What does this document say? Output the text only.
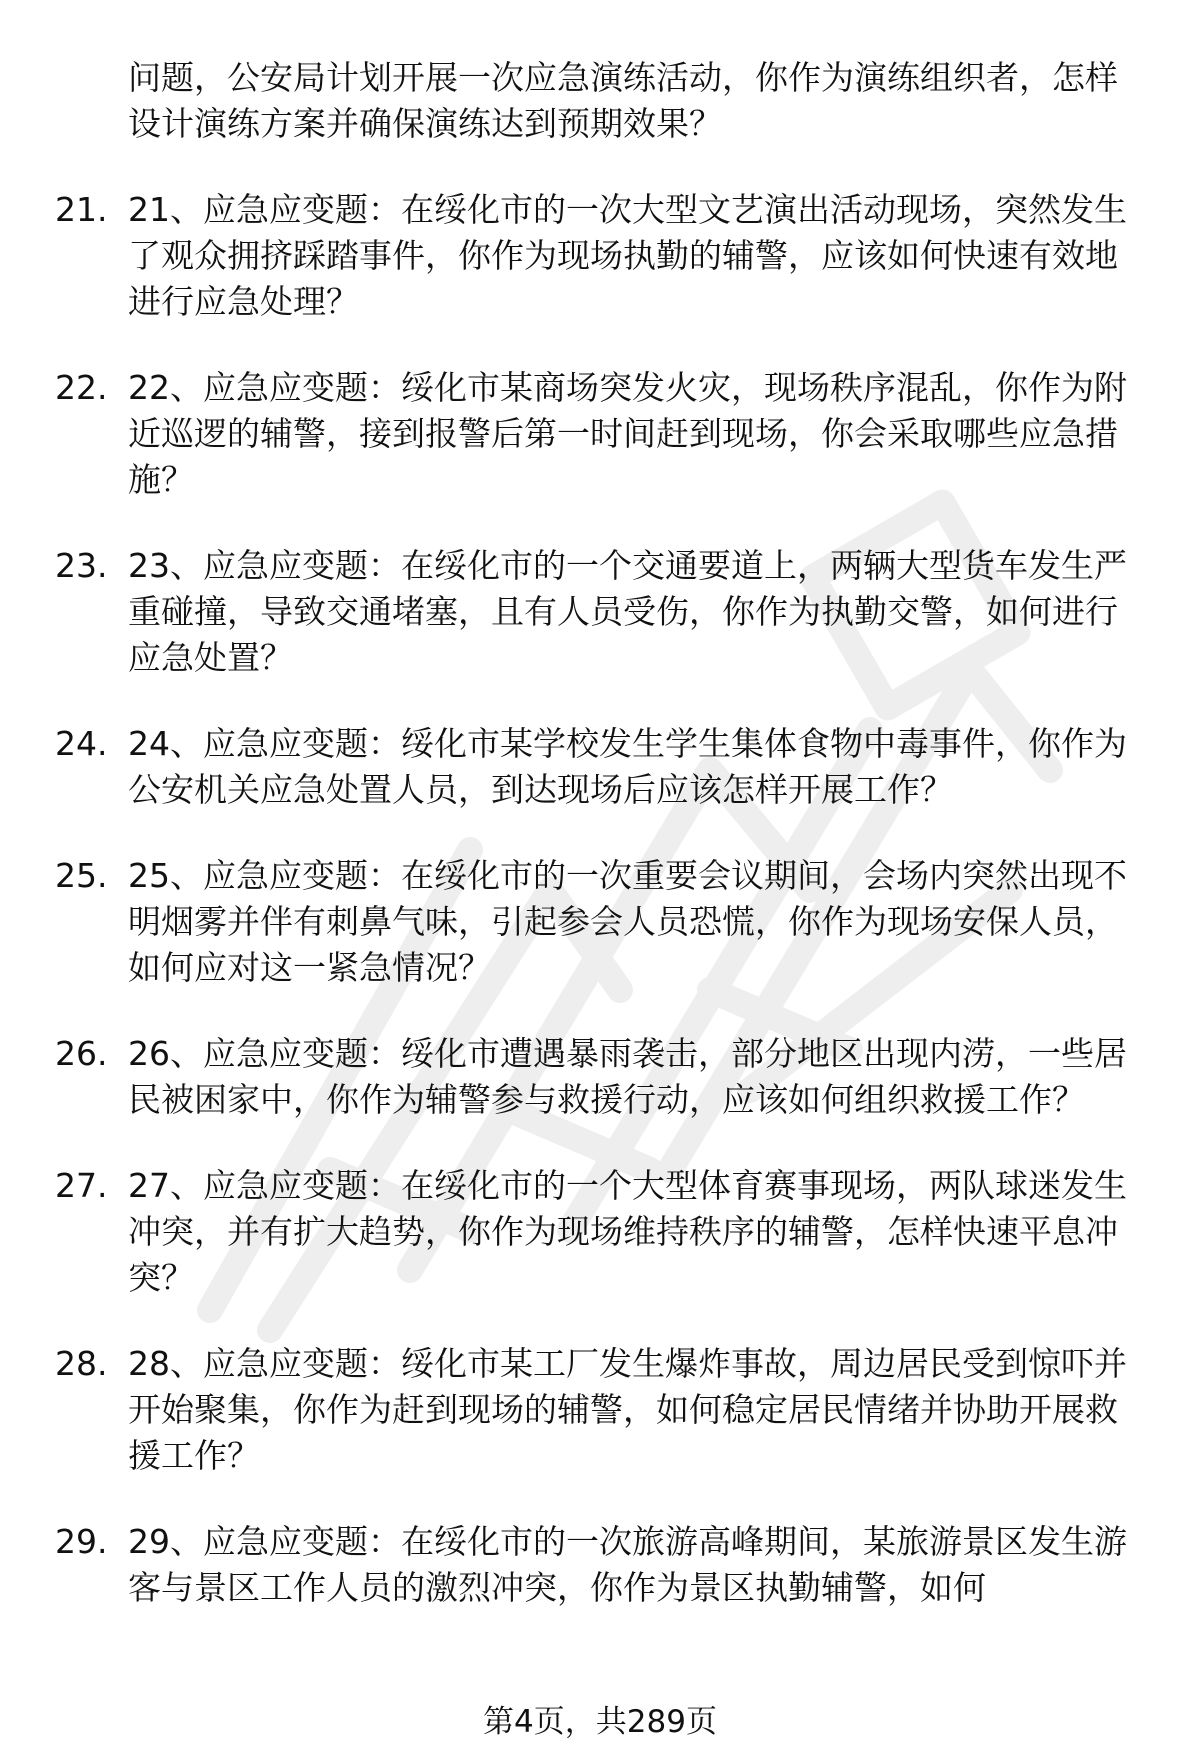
问题，公安局计划开展一次应急演练活动，你作为演练组织者，怎样设计演练方案并确保演练达到预期效果？
21. 21、应急应变题：在绥化市的一次大型文艺演出活动现场，突然发生了观众拥挤踩踏事件，你作为现场执勤的辅警，应该如何快速有效地进行应急处理？
22. 22、应急应变题：绥化市某商场突发火灾，现场秩序混乱，你作为附近巡逻的辅警，接到报警后第一时间赶到现场，你会采取哪些应急措施？
23. 23、应急应变题：在绥化市的一个交通要道上，两辆大型货车发生严重碰撞，导致交通堵塞，且有人员受伤，你作为执勤交警，如何进行应急处置？
24. 24、应急应变题：绥化市某学校发生学生集体食物中毒事件，你作为公安机关应急处置人员，到达现场后应该怎样开展工作？
25. 25、应急应变题：在绥化市的一次重要会议期间，会场内突然出现不明烟雾并伴有刺鼻气味，引起参会人员恐慌，你作为现场安保人员，如何应对这一紧急情况？
26. 26、应急应变题：绥化市遭遇暴雨袭击，部分地区出现内涝，一些居民被困家中，你作为辅警参与救援行动，应该如何组织救援工作？
27. 27、应急应变题：在绥化市的一个大型体育赛事现场，两队球迷发生冲突，并有扩大趋势，你作为现场维持秩序的辅警，怎样快速平息冲突？
28. 28、应急应变题：绥化市某工厂发生爆炸事故，周边居民受到惊吓并开始聚集，你作为赶到现场的辅警，如何稳定居民情绪并协助开展救援工作？
29. 29、应急应变题：在绥化市的一次旅游高峰期间，某旅游景区发生游客与景区工作人员的激烈冲突，你作为景区执勤辅警，如何
第4页，共289页
